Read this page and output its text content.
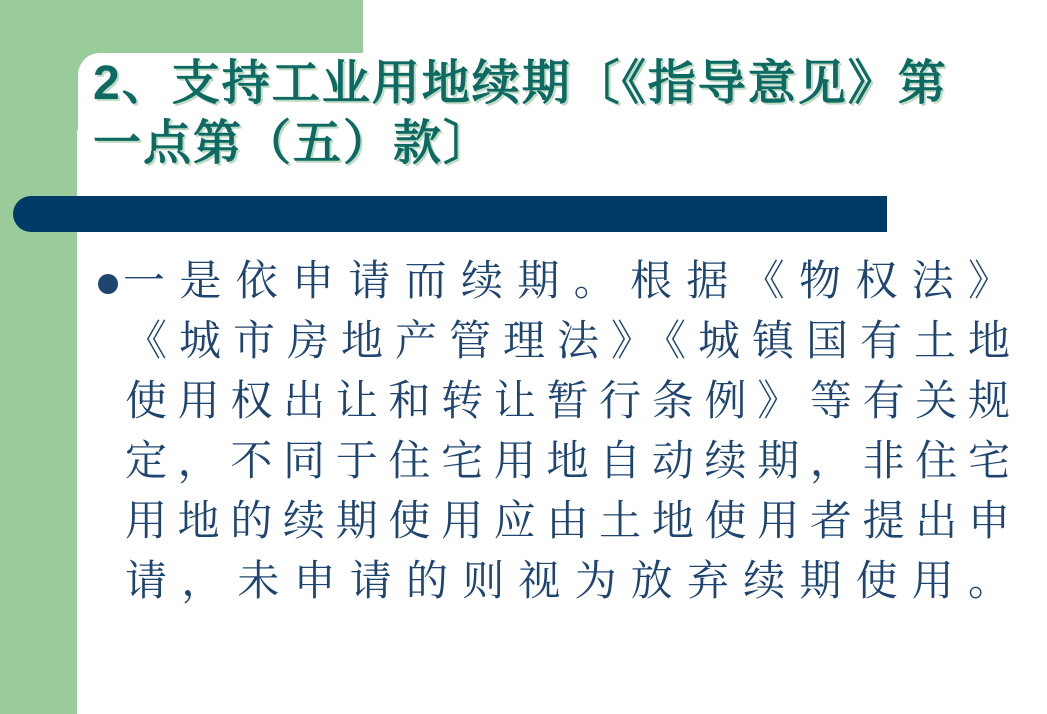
2、支持工业用地续期〔《指导意见》第
一点第（五）款〕
一是依申请而续期。根据《物权法》
《城市房地产管理法》《城镇国有土地
使用权出让和转让暂行条例》等有关规
定，不同于住宅用地自动续期，非住宅
用地的续期使用应由土地使用者提出申
请，未申请的则视为放弃续期使用。
